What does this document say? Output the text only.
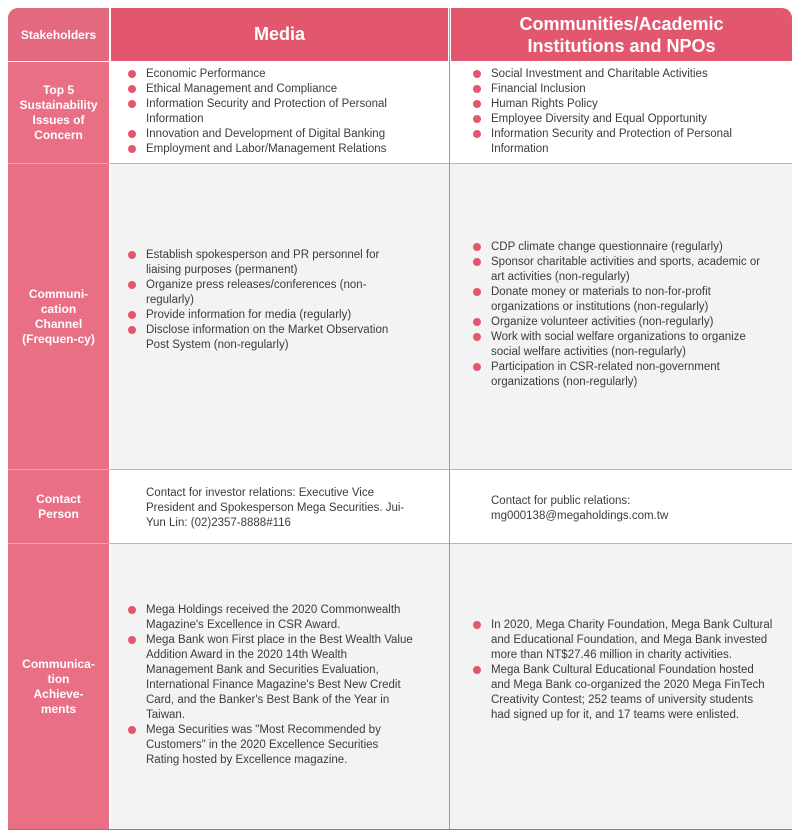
Stakeholders	Media
Communities/Academic Institutions and NPOs
Top 5 Sustainability Issues of Concern
Communi-cation Channel (Frequen-cy)
Contact Person
Communica-tion Achieve-ments
Economic Performance
Ethical Management and Compliance
Information Security and Protection of Personal Information
Innovation and Development of Digital Banking
Employment and Labor/Management Relations
Social Investment and Charitable Activities
Financial Inclusion
Human Rights Policy
Employee Diversity and Equal Opportunity
Information Security and Protection of Personal Information
Establish spokesperson and PR personnel for liaising purposes (permanent)
Organize press releases/conferences (non-regularly)
Provide information for media (regularly)
Disclose information on the Market Observation Post System (non-regularly)
CDP climate change questionnaire (regularly)
Sponsor charitable activities and sports, academic or art activities (non-regularly)
Donate money or materials to non-for-profit organizations or institutions (non-regularly)
Organize volunteer activities (non-regularly)
Work with social welfare organizations to organize social welfare activities (non-regularly)
Participation in CSR-related non-government organizations (non-regularly)
Contact for investor relations: Executive Vice President and Spokesperson Mega Securities. Jui-Yun Lin: (02)2357-8888#116
Contact for public relations: mg000138@megaholdings.com.tw
Mega Holdings received the 2020 Commonwealth Magazine's Excellence in CSR Award.
Mega Bank won First place in the Best Wealth Value Addition Award in the 2020 14th Wealth Management Bank and Securities Evaluation, International Finance Magazine's Best New Credit Card, and the Banker's Best Bank of the Year in Taiwan.
Mega Securities was "Most Recommended by Customers" in the 2020 Excellence Securities Rating hosted by Excellence magazine.
In 2020, Mega Charity Foundation, Mega Bank Cultural and Educational Foundation, and Mega Bank invested more than NT$27.46 million in charity activities.
Mega Bank Cultural Educational Foundation hosted and Mega Bank co-organized the 2020 Mega FinTech Creativity Contest; 252 teams of university students had signed up for it, and 17 teams were enlisted.
